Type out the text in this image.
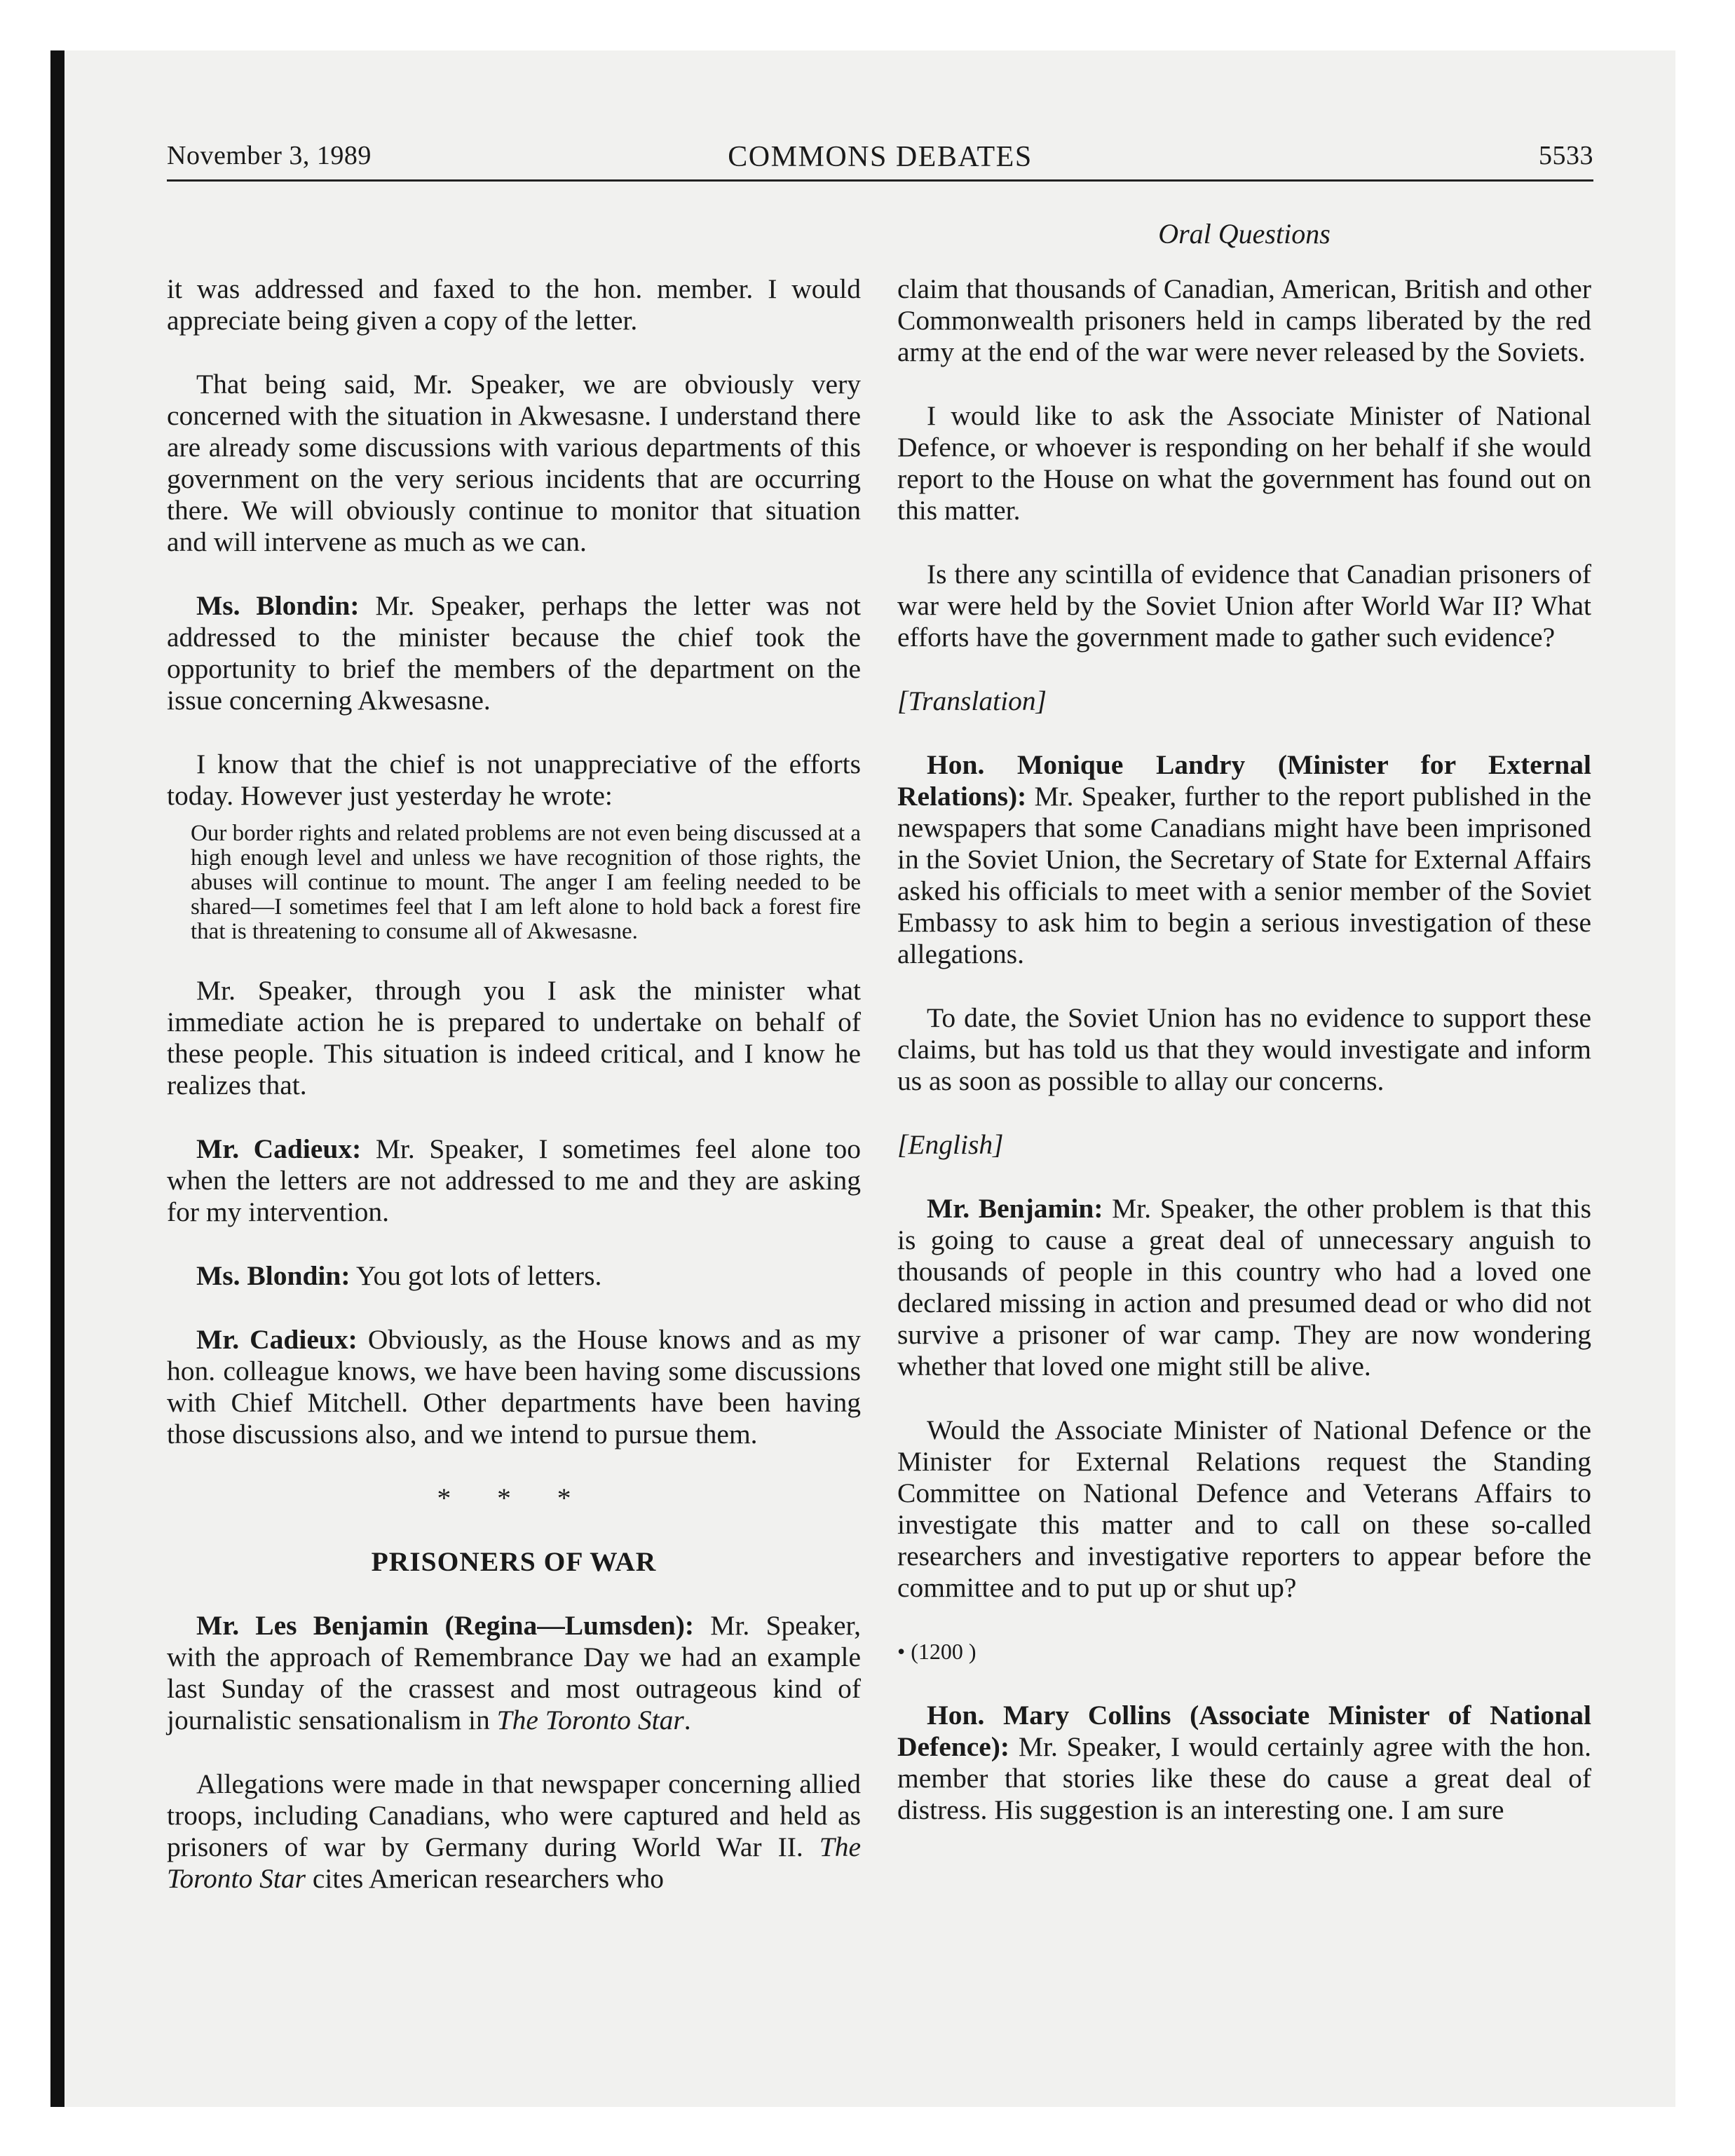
November 3, 1989	COMMONS DEBATES	5533
Oral Questions

it was addressed and faxed to the hon. member. I would appreciate being given a copy of the letter.

That being said, Mr. Speaker, we are obviously very concerned with the situation in Akwesasne. I understand there are already some discussions with various departments of this government on the very serious incidents that are occurring there. We will obviously continue to monitor that situation and will intervene as much as we can.

Ms. Blondin: Mr. Speaker, perhaps the letter was not addressed to the minister because the chief took the opportunity to brief the members of the department on the issue concerning Akwesasne.

I know that the chief is not unappreciative of the efforts today. However just yesterday he wrote:

Our border rights and related problems are not even being discussed at a high enough level and unless we have recognition of those rights, the abuses will continue to mount. The anger I am feeling needed to be shared—I sometimes feel that I am left alone to hold back a forest fire that is threatening to consume all of Akwesasne.

Mr. Speaker, through you I ask the minister what immediate action he is prepared to undertake on behalf of these people. This situation is indeed critical, and I know he realizes that.

Mr. Cadieux: Mr. Speaker, I sometimes feel alone too when the letters are not addressed to me and they are asking for my intervention.

Ms. Blondin: You got lots of letters.

Mr. Cadieux: Obviously, as the House knows and as my hon. colleague knows, we have been having some discussions with Chief Mitchell. Other departments have been having those discussions also, and we intend to pursue them.

* * *
PRISONERS OF WAR

Mr. Les Benjamin (Regina—Lumsden): Mr. Speaker, with the approach of Remembrance Day we had an example last Sunday of the crassest and most outrageous kind of journalistic sensationalism in The Toronto Star.

Allegations were made in that newspaper concerning allied troops, including Canadians, who were captured and held as prisoners of war by Germany during World War II. The Toronto Star cites American researchers who

claim that thousands of Canadian, American, British and other Commonwealth prisoners held in camps liberated by the red army at the end of the war were never released by the Soviets.

I would like to ask the Associate Minister of National Defence, or whoever is responding on her behalf if she would report to the House on what the government has found out on this matter.

Is there any scintilla of evidence that Canadian prisoners of war were held by the Soviet Union after World War II? What efforts have the government made to gather such evidence?

[Translation]

Hon. Monique Landry (Minister for External Relations): Mr. Speaker, further to the report published in the newspapers that some Canadians might have been imprisoned in the Soviet Union, the Secretary of State for External Affairs asked his officials to meet with a senior member of the Soviet Embassy to ask him to begin a serious investigation of these allegations.

To date, the Soviet Union has no evidence to support these claims, but has told us that they would investigate and inform us as soon as possible to allay our concerns.

[English]

Mr. Benjamin: Mr. Speaker, the other problem is that this is going to cause a great deal of unnecessary anguish to thousands of people in this country who had a loved one declared missing in action and presumed dead or who did not survive a prisoner of war camp. They are now wondering whether that loved one might still be alive.

Would the Associate Minister of National Defence or the Minister for External Relations request the Standing Committee on National Defence and Veterans Affairs to investigate this matter and to call on these so-called researchers and investigative reporters to appear before the committee and to put up or shut up?

• (1200 )

Hon. Mary Collins (Associate Minister of National Defence): Mr. Speaker, I would certainly agree with the hon. member that stories like these do cause a great deal of distress. His suggestion is an interesting one. I am sure
